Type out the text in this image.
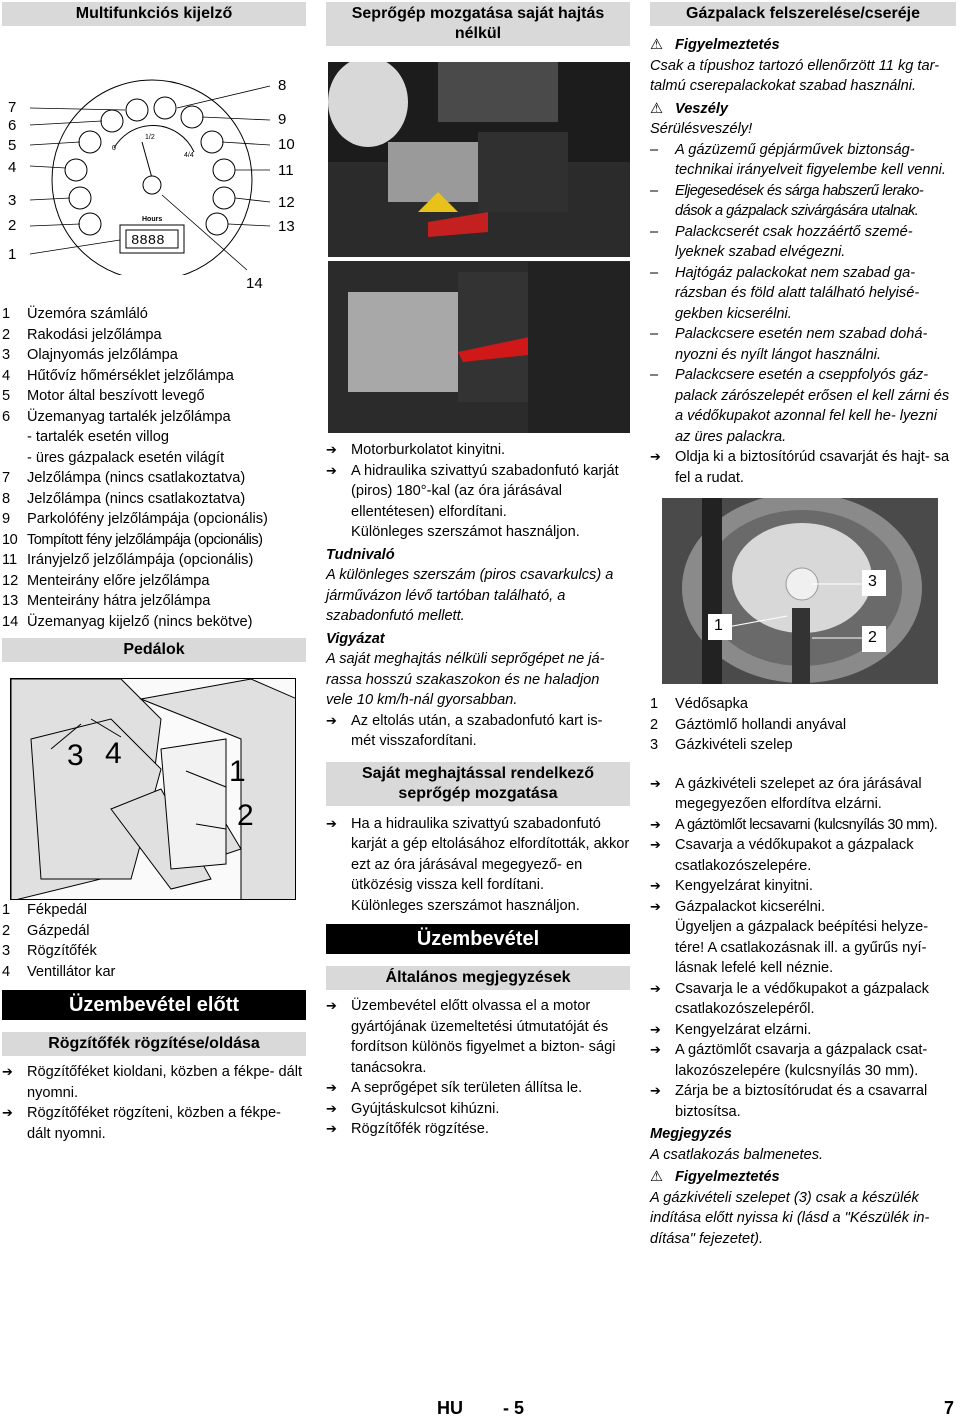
Multifunkciós kijelző
1/2
0
4/4
Hours
8888
7
6
5
4
3
2
1
8
9
10
11
12
13
14
1	Üzemóra számláló
2	Rakodási jelzőlámpa
3	Olajnyomás jelzőlámpa
4	Hűtővíz hőmérséklet jelzőlámpa
5	Motor által beszívott levegő
6	Üzemanyag tartalék jelzőlámpa
- tartalék esetén villog
- üres gázpalack esetén világít
7	Jelzőlámpa (nincs csatlakoztatva)
8	Jelzőlámpa (nincs csatlakoztatva)
9	Parkolófény jelzőlámpája (opcionális)
10 Tompított fény jelzőlámpája (opcionális)
11 Irányjelző jelzőlámpája (opcionális)
12 Menteirány előre jelzőlámpa
13 Menteirány hátra jelzőlámpa
14 Üzemanyag kijelző (nincs bekötve)
Pedálok
3 4
1
2
1	Fékpedál
2	Gázpedál
3	Rögzítőfék
4	Ventillátor kar
Üzembevétel előtt
Rögzítőfék rögzítése/oldása
➔ Rögzítőféket kioldani, közben a fékpe- dált nyomni.
➔ Rögzítőféket rögzíteni, közben a fékpe- dált nyomni.
Seprőgép mozgatása saját hajtás nélkül
➔ Motorburkolatot kinyitni.
➔ A hidraulika szivattyú szabadonfutó karját (piros) 180°-kal (az óra járásával ellentétesen) elfordítani.
Különleges szerszámot használjon.
Tudnivaló
A különleges szerszám (piros csavarkulcs) a járművázon lévő tartóban található, a szabadonfutó mellett.
Vigyázat
A saját meghajtás nélküli seprőgépet ne já- rassa hosszú szakaszokon és ne haladjon vele 10 km/h-nál gyorsabban.
➔ Az eltolás után, a szabadonfutó kart is- mét visszafordítani.
Saját meghajtással rendelkező seprőgép mozgatása
➔ Ha a hidraulika szivattyú szabadonfutó karját a gép eltolásához elfordították, akkor ezt az óra járásával megegyező- en ütközésig vissza kell fordítani.
Különleges szerszámot használjon.
Üzembevétel
Általános megjegyzések
➔ Üzembevétel előtt olvassa el a motor gyártójának üzemeltetési útmutatóját és fordítson különös figyelmet a bizton- sági tanácsokra.
➔ A seprőgépet sík területen állítsa le.
➔ Gyújtáskulcsot kihúzni.
➔ Rögzítőfék rögzítése.
Gázpalack felszerelése/cseréje
⚠ Figyelmeztetés
Csak a típushoz tartozó ellenőrzött 11 kg tar- talmú cserepalackokat szabad használni.
⚠ Veszély
Sérülésveszély!
–	A gázüzemű gépjárművek biztonság- technikai irányelveit figyelembe kell venni.
–	Eljegesedések és sárga habszerű lerako- dások a gázpalack szivárgására utalnak.
–	Palackcserét csak hozzáértő szemé- lyeknek szabad elvégezni.
–	Hajtógáz palackokat nem szabad ga- rázsban és föld alatt található helyisé- gekben kicserélni.
–	Palackcsere esetén nem szabad dohá- nyozni és nyílt lángot használni.
–	Palackcsere esetén a cseppfolyós gáz- palack zárószelepét erősen el kell zárni és a védőkupakot azonnal fel kell he- lyezni az üres palackra.
➔ Oldja ki a biztosítórúd csavarját és hajt- sa fel a rudat.
3
1
2
1	Védősapka
2	Gáztömlő hollandi anyával
3	Gázkivételi szelep
➔ A gázkivételi szelepet az óra járásával megegyezően elfordítva elzárni.
➔ A gáztömlőt lecsavarni (kulcsnyílás 30 mm).
➔ Csavarja a védőkupakot a gázpalack csatlakozószelepére.
➔ Kengyelzárat kinyitni.
➔ Gázpalackot kicserélni.
Ügyeljen a gázpalack beépítési helyze- tére! A csatlakozásnak ill. a gyűrűs nyí- lásnak lefelé kell néznie.
➔ Csavarja le a védőkupakot a gázpalack csatlakozószelepéről.
➔ Kengyelzárat elzárni.
➔ A gáztömlőt csavarja a gázpalack csat- lakozószelepére (kulcsnyílás 30 mm).
➔ Zárja be a biztosítórudat és a csavarral biztosítsa.
Megjegyzés
A csatlakozás balmenetes.
⚠ Figyelmeztetés
A gázkivételi szelepet (3) csak a készülék indítása előtt nyissa ki (lásd a "Készülék in- dítása" fejezetet).
HU - 5	7
